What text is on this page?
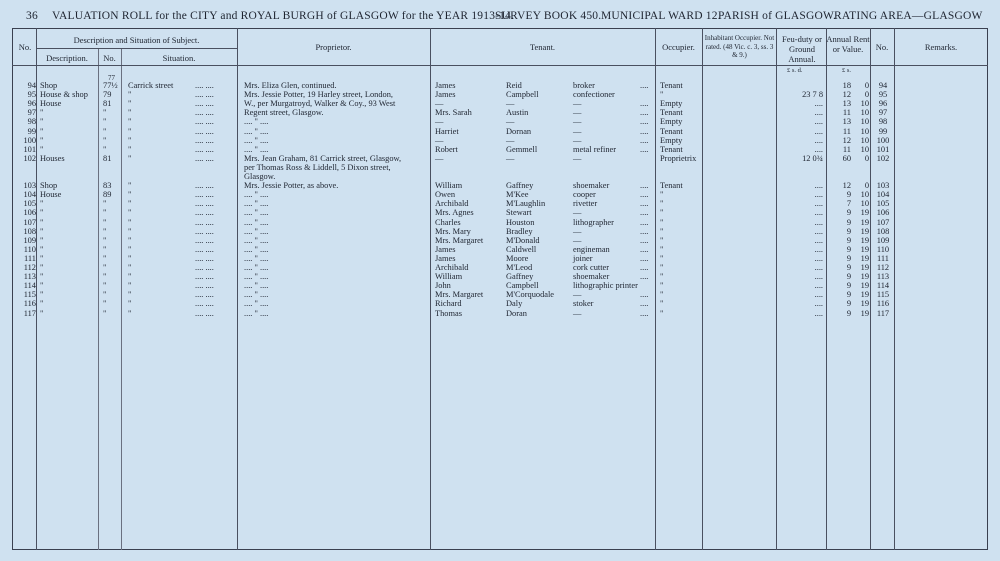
36 VALUATION ROLL for the CITY and ROYAL BURGH of GLASGOW for the YEAR 1913-14.
SURVEY BOOK 450. MUNICIPAL WARD 12.
PARISH of GLASGOW.
RATING AREA—GLASGOW
No.
Description and Situation of Subject.
Description.	No.	Situation.
Proprietor.	Tenant.	Occupier.
Inhabitant Occupier. Not rated. (48 Vic. c. 3, ss. 3 & 9.)
Feu-duty or Ground Annual.
Annual Rent or Value.	No.	Remarks.
£ s. d.	£ s.
77
94 Shop	77½ Carrick street	.... ....	Mrs. Eliza Glen, continued.	James	Reid	broker	....	Tenant	18	0	94
95 House & shop	79	"	.... ....	Mrs. Jessie Potter, 19 Harley street, London,	James	Campbell	confectioner	"	23 7 8	12	0	95
96 House	81	"	.... ....	W., per Murgatroyd, Walker & Coy., 93 West	—	—	—	....	Empty	....	13	10	96
97 "	"	"	.... ....	Regent street, Glasgow.	Mrs. Sarah	Austin	—	....	Tenant	....	11	10	97
98 "	"	"	.... ....	.... " ....	—	—	—	....	Empty	....	13	10	98
99 "	"	"	.... ....	.... " ....	Harriet	Dornan	—	....	Tenant	....	11	10	99
100 "	"	"	.... ....	.... " ....	—	—	—	....	Empty	....	12	10 100
101 "	"	"	.... ....	.... " ....	Robert	Gemmell	metal refiner	....	Tenant	....	11	10 101
102 Houses	81	"	.... ....	Mrs. Jean Graham, 81 Carrick street, Glasgow,	—	—	—	Proprietrix	12 0¾	60	0 102
per Thomas Ross & Liddell, 5 Dixon street,
Glasgow.
103 Shop	83	"	.... ....	Mrs. Jessie Potter, as above.	William	Gaffney	shoemaker	....	Tenant	....	12	0 103
104 House	89	"	.... ....	.... " ....	Owen	M'Kee	cooper	....	"	....	9	10 104
105 "	"	"	.... ....	.... " ....	Archibald	M'Laughlin	rivetter	....	"	....	7	10 105
106 "	"	"	.... ....	.... " ....	Mrs. Agnes	Stewart	—	....	"	....	9	19 106
107 "	"	"	.... ....	.... " ....	Charles	Houston	lithographer	....	"	....	9	19 107
108 "	"	"	.... ....	.... " ....	Mrs. Mary	Bradley	—	....	"	....	9	19 108
109 "	"	"	.... ....	.... " ....	Mrs. Margaret	M'Donald	—	....	"	....	9	19 109
110 "	"	"	.... ....	.... " ....	James	Caldwell	engineman	....	"	....	9	19 110
111 "	"	"	.... ....	.... " ....	James	Moore	joiner	....	"	....	9	19 111
112 "	"	"	.... ....	.... " ....	Archibald	M'Leod	cork cutter	....	"	....	9	19 112
113 "	"	"	.... ....	.... " ....	William	Gaffney	shoemaker	....	"	....	9	19 113
114 "	"	"	.... ....	.... " ....	John	Campbell	lithographic printer	"	....	9	19 114
115 "	"	"	.... ....	.... " ....	Mrs. Margaret	M'Corquodale	—	....	"	....	9	19 115
116 "	"	"	.... ....	.... " ....	Richard	Daly	stoker	....	"	....	9	19 116
117 "	"	"	.... ....	.... " ....	Thomas	Doran	—	....	"	....	9	19 117
